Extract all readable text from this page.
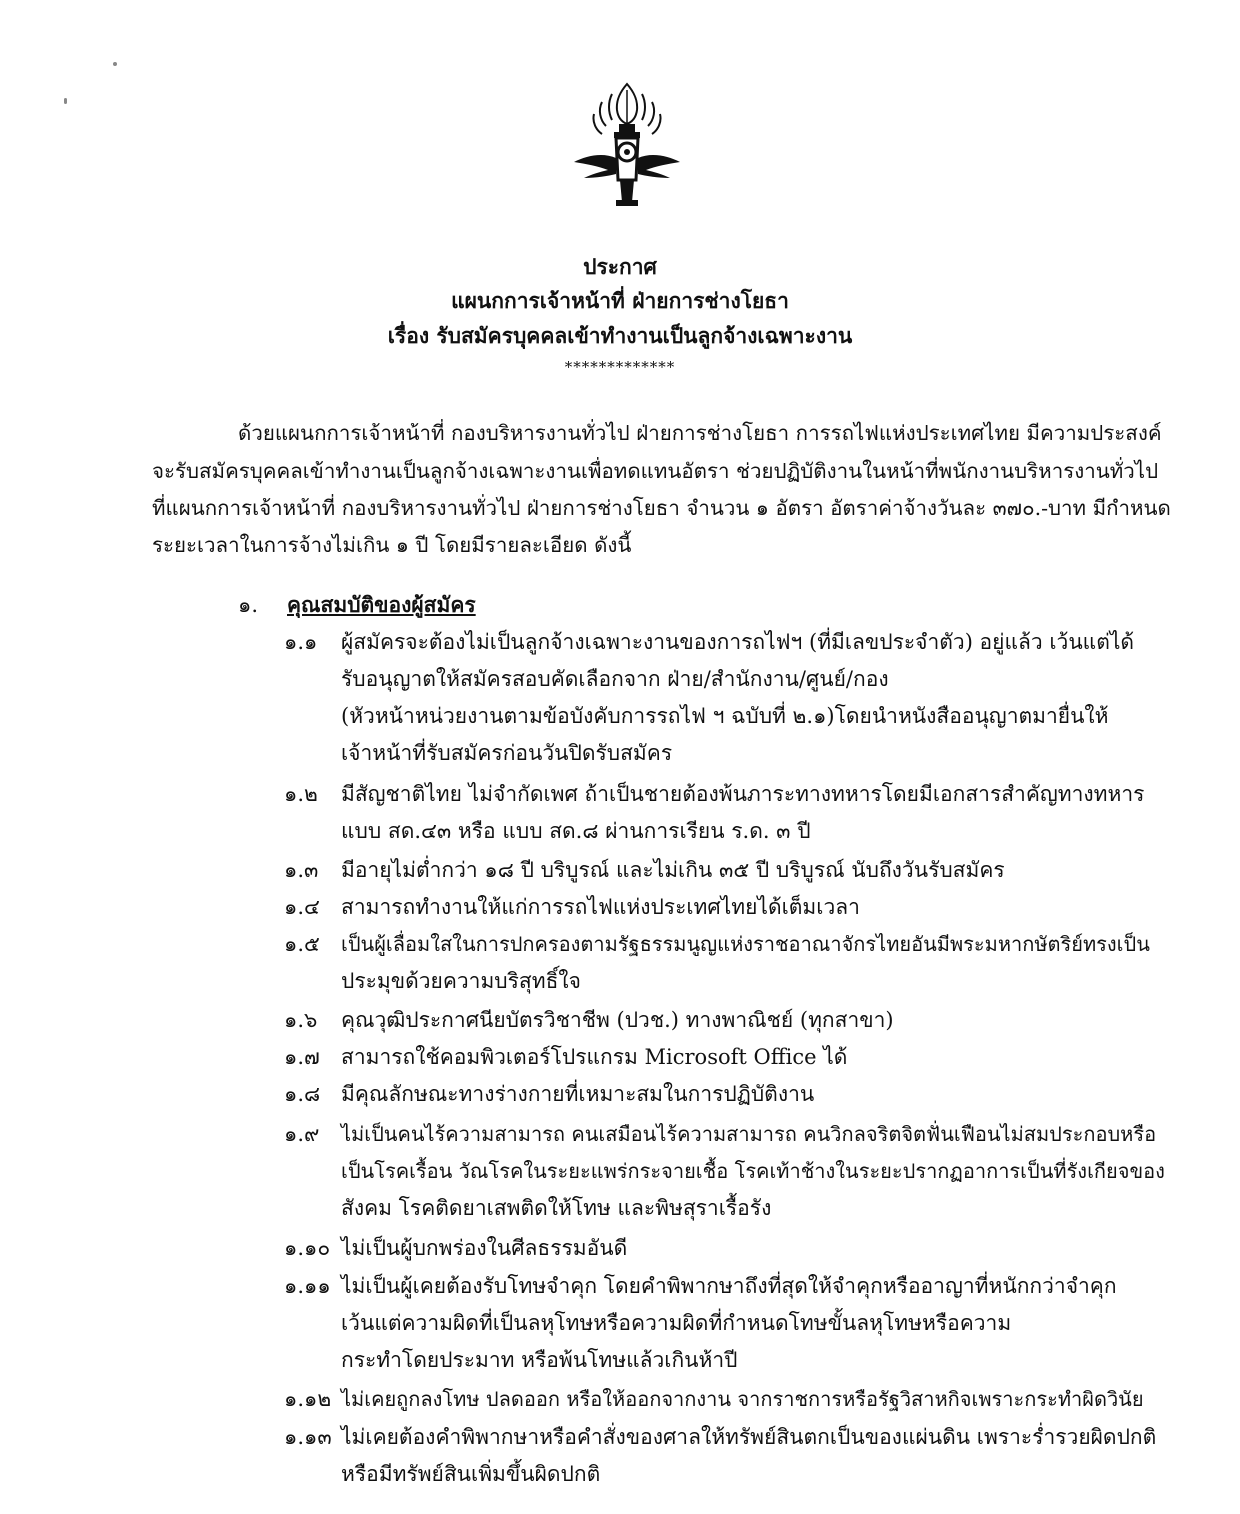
ประกาศ
แผนกการเจ้าหน้าที่ ฝ่ายการช่างโยธา
เรื่อง รับสมัครบุคคลเข้าทำงานเป็นลูกจ้างเฉพาะงาน
*************
ด้วยแผนกการเจ้าหน้าที่ กองบริหารงานทั่วไป ฝ่ายการช่างโยธา การรถไฟแห่งประเทศไทย มีความประสงค์
จะรับสมัครบุคคลเข้าทำงานเป็นลูกจ้างเฉพาะงานเพื่อทดแทนอัตรา ช่วยปฏิบัติงานในหน้าที่พนักงานบริหารงานทั่วไป
ที่แผนกการเจ้าหน้าที่ กองบริหารงานทั่วไป ฝ่ายการช่างโยธา จำนวน ๑ อัตรา อัตราค่าจ้างวันละ ๓๗๐.-บาท มีกำหนด
ระยะเวลาในการจ้างไม่เกิน ๑ ปี โดยมีรายละเอียด ดังนี้
๑. คุณสมบัติของผู้สมัคร
๑.๑ ผู้สมัครจะต้องไม่เป็นลูกจ้างเฉพาะงานของการถไฟฯ (ที่มีเลขประจำตัว) อยู่แล้ว เว้นแต่ได้
รับอนุญาตให้สมัครสอบคัดเลือกจาก ฝ่าย/สำนักงาน/ศูนย์/กอง
(หัวหน้าหน่วยงานตามข้อบังคับการรถไฟ ฯ ฉบับที่ ๒.๑)โดยนำหนังสืออนุญาตมายื่นให้
เจ้าหน้าที่รับสมัครก่อนวันปิดรับสมัคร
๑.๒ มีสัญชาติไทย ไม่จำกัดเพศ ถ้าเป็นชายต้องพ้นภาระทางทหารโดยมีเอกสารสำคัญทางทหาร
แบบ สด.๔๓ หรือ แบบ สด.๘ ผ่านการเรียน ร.ด. ๓ ปี
๑.๓ มีอายุไม่ต่ำกว่า ๑๘ ปี บริบูรณ์ และไม่เกิน ๓๕ ปี บริบูรณ์ นับถึงวันรับสมัคร
๑.๔ สามารถทำงานให้แก่การรถไฟแห่งประเทศไทยได้เต็มเวลา
๑.๕ เป็นผู้เลื่อมใสในการปกครองตามรัฐธรรมนูญแห่งราชอาณาจักรไทยอันมีพระมหากษัตริย์ทรงเป็น
ประมุขด้วยความบริสุทธิ์ใจ
๑.๖ คุณวุฒิประกาศนียบัตรวิชาชีพ (ปวช.) ทางพาณิชย์ (ทุกสาขา)
๑.๗ สามารถใช้คอมพิวเตอร์โปรแกรม Microsoft Office ได้
๑.๘ มีคุณลักษณะทางร่างกายที่เหมาะสมในการปฏิบัติงาน
๑.๙ ไม่เป็นคนไร้ความสามารถ คนเสมือนไร้ความสามารถ คนวิกลจริตจิตฟั่นเฟือนไม่สมประกอบหรือ
เป็นโรคเรื้อน วัณโรคในระยะแพร่กระจายเชื้อ โรคเท้าช้างในระยะปรากฏอาการเป็นที่รังเกียจของ
สังคม โรคติดยาเสพติดให้โทษ และพิษสุราเรื้อรัง
๑.๑๐ ไม่เป็นผู้บกพร่องในศีลธรรมอันดี
๑.๑๑ ไม่เป็นผู้เคยต้องรับโทษจำคุก โดยคำพิพากษาถึงที่สุดให้จำคุกหรืออาญาที่หนักกว่าจำคุก
เว้นแต่ความผิดที่เป็นลหุโทษหรือความผิดที่กำหนดโทษขั้นลหุโทษหรือความ
กระทำโดยประมาท หรือพ้นโทษแล้วเกินห้าปี
๑.๑๒ ไม่เคยถูกลงโทษ ปลดออก หรือให้ออกจากงาน จากราชการหรือรัฐวิสาหกิจเพราะกระทำผิดวินัย
๑.๑๓ ไม่เคยต้องคำพิพากษาหรือคำสั่งของศาลให้ทรัพย์สินตกเป็นของแผ่นดิน เพราะร่ำรวยผิดปกติ
หรือมีทรัพย์สินเพิ่มขึ้นผิดปกติ
